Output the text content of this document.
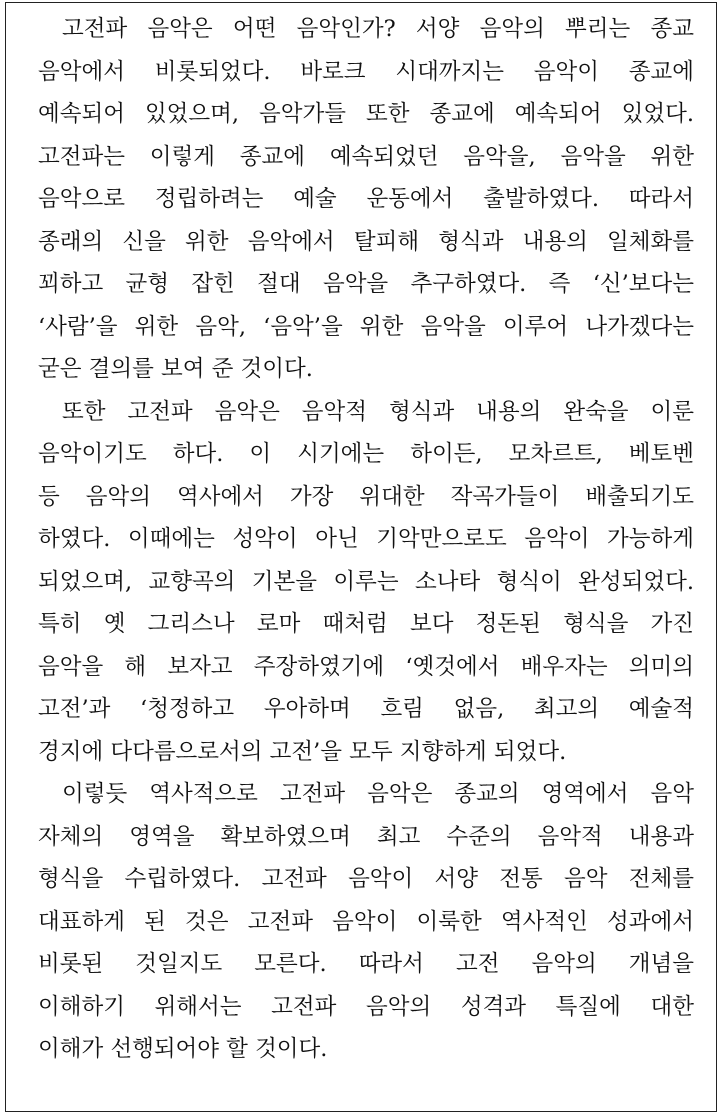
고전파 음악은 어떤 음악인가? 서양 음악의 뿌리는 종교
음악에서 비롯되었다. 바로크 시대까지는 음악이 종교에
예속되어 있었으며, 음악가들 또한 종교에 예속되어 있었다.
고전파는 이렇게 종교에 예속되었던 음악을, 음악을 위한
음악으로 정립하려는 예술 운동에서 출발하였다. 따라서
종래의 신을 위한 음악에서 탈피해 형식과 내용의 일체화를
꾀하고 균형 잡힌 절대 음악을 추구하였다. 즉 ‘신’보다는
‘사람’을 위한 음악, ‘음악’을 위한 음악을 이루어 나가겠다는
굳은 결의를 보여 준 것이다.
또한 고전파 음악은 음악적 형식과 내용의 완숙을 이룬
음악이기도 하다. 이 시기에는 하이든, 모차르트, 베토벤
등 음악의 역사에서 가장 위대한 작곡가들이 배출되기도
하였다. 이때에는 성악이 아닌 기악만으로도 음악이 가능하게
되었으며, 교향곡의 기본을 이루는 소나타 형식이 완성되었다.
특히 옛 그리스나 로마 때처럼 보다 정돈된 형식을 가진
음악을 해 보자고 주장하였기에 ‘옛것에서 배우자는 의미의
고전’과 ‘청정하고 우아하며 흐림 없음, 최고의 예술적
경지에 다다름으로서의 고전’을 모두 지향하게 되었다.
이렇듯 역사적으로 고전파 음악은 종교의 영역에서 음악
자체의 영역을 확보하였으며 최고 수준의 음악적 내용과
형식을 수립하였다. 고전파 음악이 서양 전통 음악 전체를
대표하게 된 것은 고전파 음악이 이룩한 역사적인 성과에서
비롯된 것일지도 모른다. 따라서 고전 음악의 개념을
이해하기 위해서는 고전파 음악의 성격과 특질에 대한
이해가 선행되어야 할 것이다.
